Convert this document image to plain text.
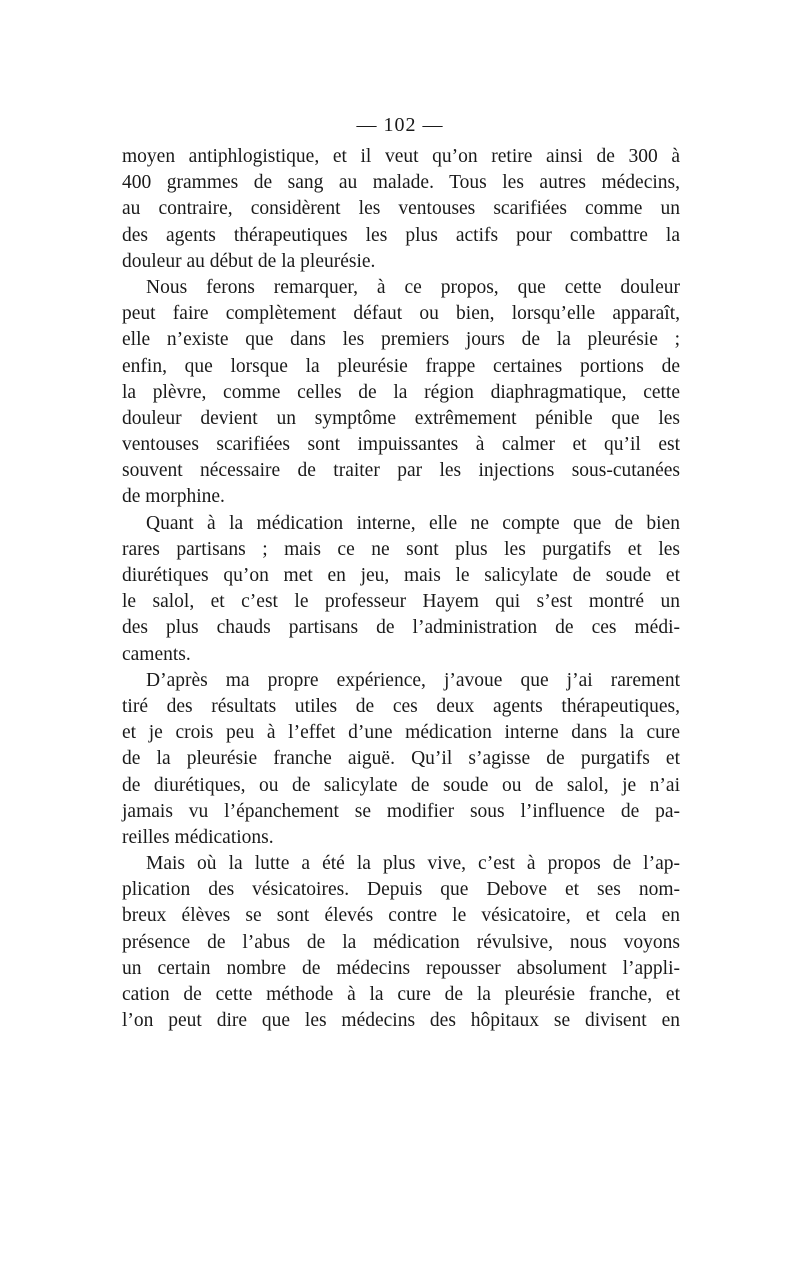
— 102 —
moyen antiphlogistique, et il veut qu’on retire ainsi de 300 à
400 grammes de sang au malade. Tous les autres médecins,
au contraire, considèrent les ventouses scarifiées comme un
des agents thérapeutiques les plus actifs pour combattre la
douleur au début de la pleurésie.
Nous ferons remarquer, à ce propos, que cette douleur
peut faire complètement défaut ou bien, lorsqu’elle apparaît,
elle n’existe que dans les premiers jours de la pleurésie ;
enfin, que lorsque la pleurésie frappe certaines portions de
la plèvre, comme celles de la région diaphragmatique, cette
douleur devient un symptôme extrêmement pénible que les
ventouses scarifiées sont impuissantes à calmer et qu’il est
souvent nécessaire de traiter par les injections sous-cutanées
de morphine.
Quant à la médication interne, elle ne compte que de bien
rares partisans ; mais ce ne sont plus les purgatifs et les
diurétiques qu’on met en jeu, mais le salicylate de soude et
le salol, et c’est le professeur Hayem qui s’est montré un
des plus chauds partisans de l’administration de ces médi-
caments.
D’après ma propre expérience, j’avoue que j’ai rarement
tiré des résultats utiles de ces deux agents thérapeutiques,
et je crois peu à l’effet d’une médication interne dans la cure
de la pleurésie franche aiguë. Qu’il s’agisse de purgatifs et
de diurétiques, ou de salicylate de soude ou de salol, je n’ai
jamais vu l’épanchement se modifier sous l’influence de pa-
reilles médications.
Mais où la lutte a été la plus vive, c’est à propos de l’ap-
plication des vésicatoires. Depuis que Debove et ses nom-
breux élèves se sont élevés contre le vésicatoire, et cela en
présence de l’abus de la médication révulsive, nous voyons
un certain nombre de médecins repousser absolument l’appli-
cation de cette méthode à la cure de la pleurésie franche, et
l’on peut dire que les médecins des hôpitaux se divisent en
